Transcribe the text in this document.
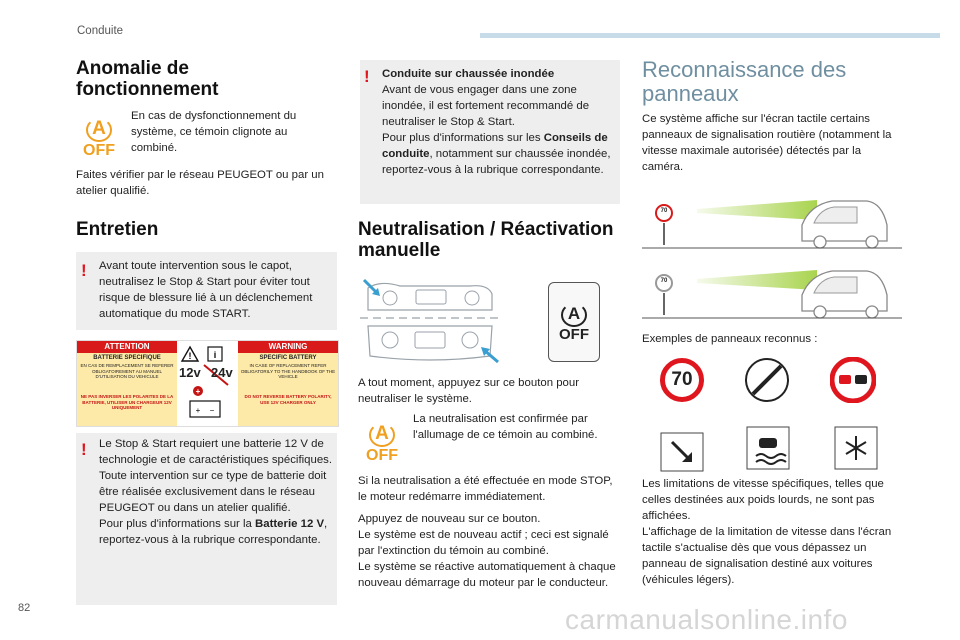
Conduite
Anomalie de
fonctionnement
A
OFF

En cas de dysfonctionnement du système, ce témoin clignote au combiné.

Faites vérifier par le réseau PEUGEOT ou par un atelier qualifié.

Entretien
! Avant toute intervention sous le capot, neutralisez le Stop & Start pour éviter tout risque de blessure lié à un déclenchement automatique du mode START.

ATTENTION	WARNING
BATTERIE SPECIFIQUE
EN CAS DE REMPLACEMENT SE REFERER OBLIGATOIREMENT AU MANUEL D'UTILISATION DU VEHICULE
NE PAS INVERSER LES POLARITES DE LA BATTERIE, UTILISER UN CHARGEUR 12V UNIQUEMENT
SPECIFIC BATTERY
IN CASE OF REPLACEMENT REFER OBLIGATORILY TO THE HANDBOOK OF THE VEHICLE
DO NOT REVERSE BATTERY POLARITY, USE 12V CHARGER ONLY
! i
+
+ −
12v 24v
! Le Stop & Start requiert une batterie 12 V de technologie et de caractéristiques spécifiques.
Toute intervention sur ce type de batterie doit être réalisée exclusivement dans le réseau PEUGEOT ou dans un atelier qualifié.
Pour plus d'informations sur la Batterie 12 V, reportez-vous à la rubrique correspondante.

! Conduite sur chaussée inondée
Avant de vous engager dans une zone inondée, il est fortement recommandé de neutraliser le Stop & Start.
Pour plus d'informations sur les Conseils de conduite, notamment sur chaussée inondée, reportez-vous à la rubrique correspondante.

Neutralisation / Réactivation
manuelle
A
OFF

A tout moment, appuyez sur ce bouton pour neutraliser le système.

A
OFF

La neutralisation est confirmée par l'allumage de ce témoin au combiné.

Si la neutralisation a été effectuée en mode STOP, le moteur redémarre immédiatement.

Appuyez de nouveau sur ce bouton.
Le système est de nouveau actif ; ceci est signalé par l'extinction du témoin au combiné.

Le système se réactive automatiquement à chaque nouveau démarrage du moteur par le conducteur.

Reconnaissance des
panneaux

Ce système affiche sur l'écran tactile certains panneaux de signalisation routière (notamment la vitesse maximale autorisée) détectés par la caméra.

70
70

Exemples de panneaux reconnus :

70

Les limitations de vitesse spécifiques, telles que celles destinées aux poids lourds, ne sont pas affichées.
L'affichage de la limitation de vitesse dans l'écran tactile s'actualise dès que vous dépassez un panneau de signalisation destiné aux voitures (véhicules légers).

82	carmanualsonline.info
